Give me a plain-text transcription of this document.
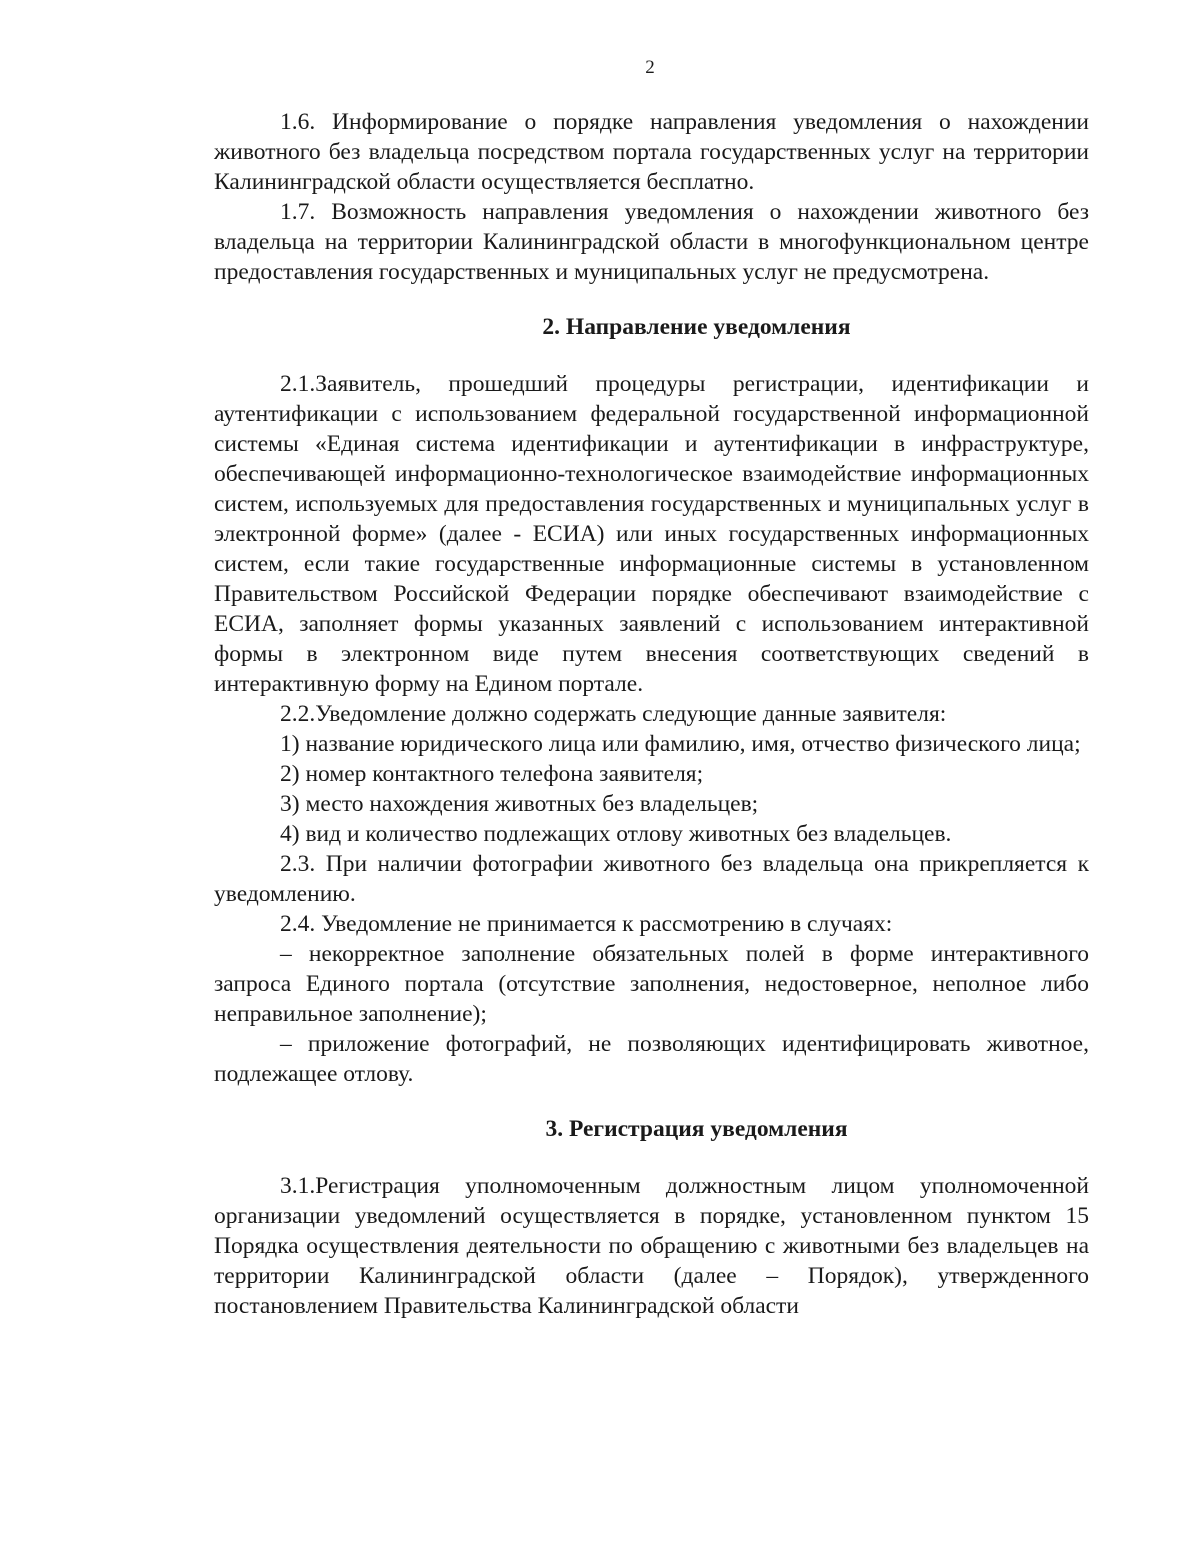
2

1.6. Информирование о порядке направления уведомления о нахождении животного без владельца посредством портала государственных услуг на территории Калининградской области осуществляется бесплатно.

1.7. Возможность направления уведомления о нахождении животного без владельца на территории Калининградской области в многофункциональном центре предоставления государственных и муниципальных услуг не предусмотрена.

2. Направление уведомления

2.1.Заявитель, прошедший процедуры регистрации, идентификации и аутентификации с использованием федеральной государственной информационной системы «Единая система идентификации и аутентификации в инфраструктуре, обеспечивающей информационно-технологическое взаимодействие информационных систем, используемых для предоставления государственных и муниципальных услуг в электронной форме» (далее - ЕСИА) или иных государственных информационных систем, если такие государственные информационные системы в установленном Правительством Российской Федерации порядке обеспечивают взаимодействие с ЕСИА, заполняет формы указанных заявлений с использованием интерактивной формы в электронном виде путем внесения соответствующих сведений в интерактивную форму на Едином портале.

2.2.Уведомление должно содержать следующие данные заявителя:

1) название юридического лица или фамилию, имя, отчество физического лица;

2) номер контактного телефона заявителя;

3) место нахождения животных без владельцев;

4) вид и количество подлежащих отлову животных без владельцев.

2.3. При наличии фотографии животного без владельца она прикрепляется к уведомлению.

2.4. Уведомление не принимается к рассмотрению в случаях:

– некорректное заполнение обязательных полей в форме интерактивного запроса Единого портала (отсутствие заполнения, недостоверное, неполное либо неправильное заполнение);

– приложение фотографий, не позволяющих идентифицировать животное, подлежащее отлову.

3. Регистрация уведомления

3.1.Регистрация уполномоченным должностным лицом уполномоченной организации уведомлений осуществляется в порядке, установленном пунктом 15 Порядка осуществления деятельности по обращению с животными без владельцев на территории Калининградской области (далее – Порядок), утвержденного постановлением Правительства Калининградской области
